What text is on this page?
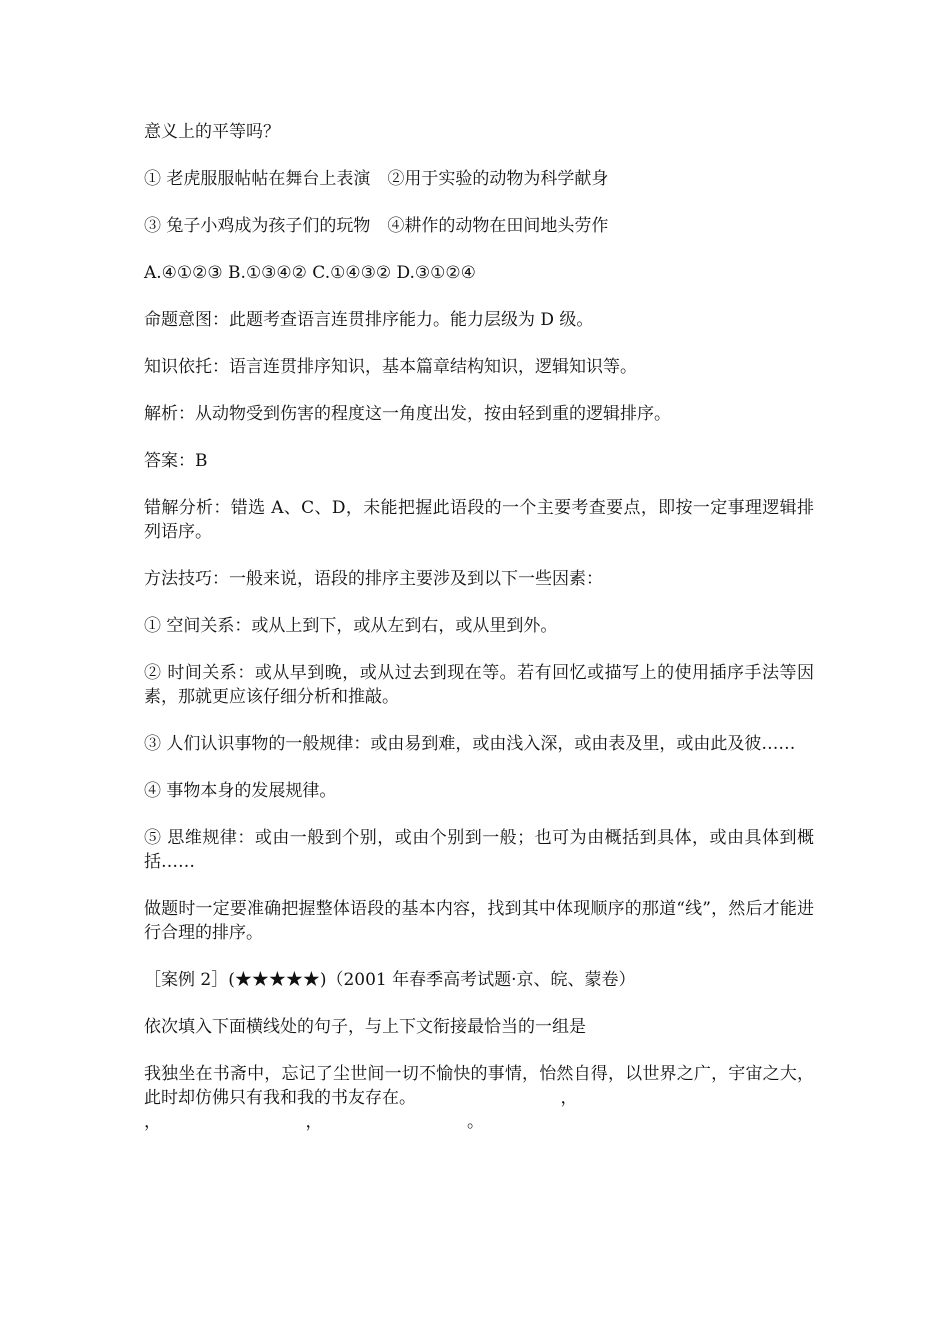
意义上的平等吗？

① 老虎服服帖帖在舞台上表演　②用于实验的动物为科学献身

③ 兔子小鸡成为孩子们的玩物　④耕作的动物在田间地头劳作

A.④①②③ B.①③④② C.①④③② D.③①②④

命题意图：此题考查语言连贯排序能力。能力层级为 D 级。

知识依托：语言连贯排序知识，基本篇章结构知识，逻辑知识等。

解析：从动物受到伤害的程度这一角度出发，按由轻到重的逻辑排序。

答案：B

错解分析：错选 A、C、D，未能把握此语段的一个主要考查要点，即按一定事理逻辑排列语序。

方法技巧：一般来说，语段的排序主要涉及到以下一些因素：

① 空间关系：或从上到下，或从左到右，或从里到外。

② 时间关系：或从早到晚，或从过去到现在等。若有回忆或描写上的使用插序手法等因素，那就更应该仔细分析和推敲。

③ 人们认识事物的一般规律：或由易到难，或由浅入深，或由表及里，或由此及彼……

④ 事物本身的发展规律。

⑤ 思维规律：或由一般到个别，或由个别到一般；也可为由概括到具体，或由具体到概括……

做题时一定要准确把握整体语段的基本内容，找到其中体现顺序的那道“线”，然后才能进行合理的排序。

［案例 2］(★★★★★)（2001 年春季高考试题·京、皖、蒙卷）

依次填入下面横线处的句子，与上下文衔接最恰当的一组是

我独坐在书斋中，忘记了尘世间一切不愉快的事情，怡然自得，以世界之广，宇宙之大，此时却仿佛只有我和我的书友存在。　　　　　　　　　，
，　　　　　　　　　，　　　　　　　　　。
